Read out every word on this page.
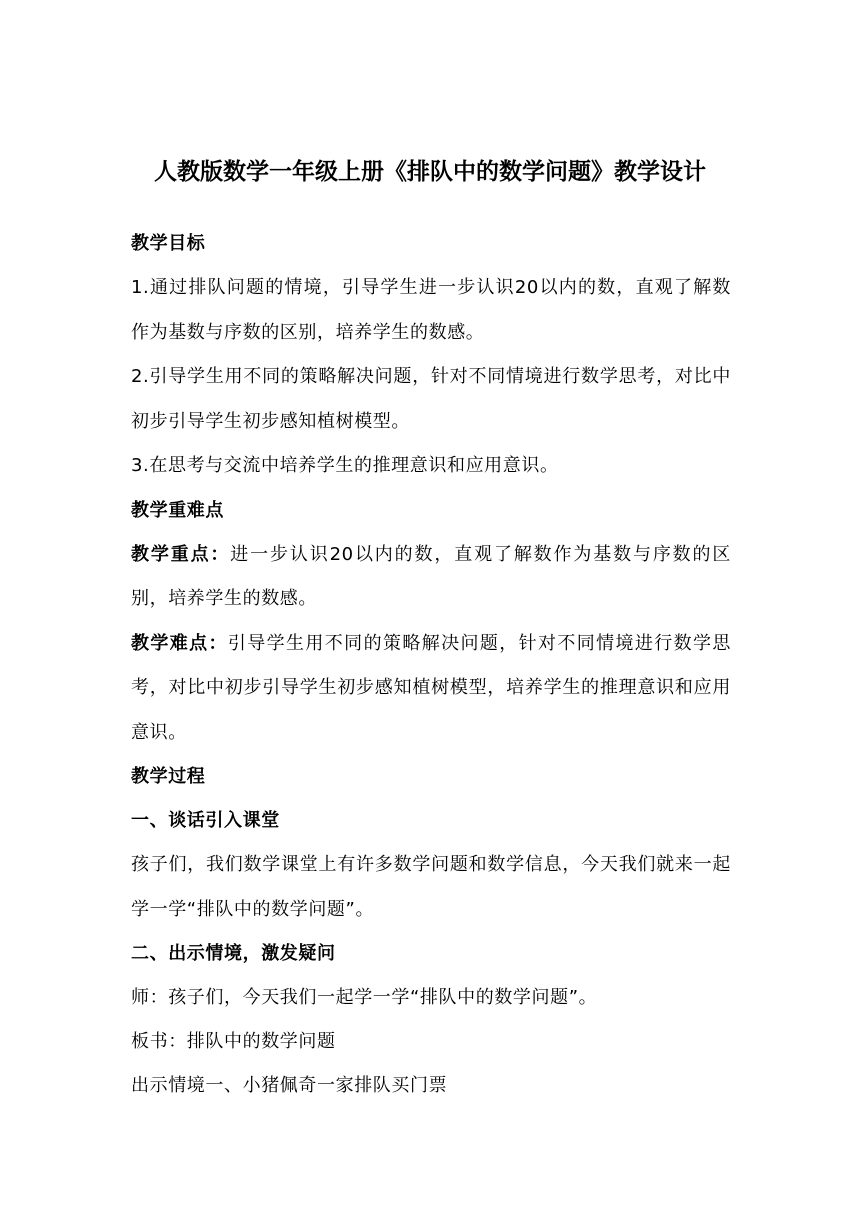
人教版数学一年级上册《排队中的数学问题》教学设计

教学目标

1.通过排队问题的情境，引导学生进一步认识20以内的数，直观了解数作为基数与序数的区别，培养学生的数感。

2.引导学生用不同的策略解决问题，针对不同情境进行数学思考，对比中初步引导学生初步感知植树模型。

3.在思考与交流中培养学生的推理意识和应用意识。

教学重难点

教学重点：进一步认识20以内的数，直观了解数作为基数与序数的区别，培养学生的数感。

教学难点：引导学生用不同的策略解决问题，针对不同情境进行数学思考，对比中初步引导学生初步感知植树模型，培养学生的推理意识和应用意识。

教学过程

一、谈话引入课堂

孩子们，我们数学课堂上有许多数学问题和数学信息，今天我们就来一起学一学“排队中的数学问题”。

二、出示情境，激发疑问

师：孩子们，今天我们一起学一学“排队中的数学问题”。

板书：排队中的数学问题

出示情境一、小猪佩奇一家排队买门票
